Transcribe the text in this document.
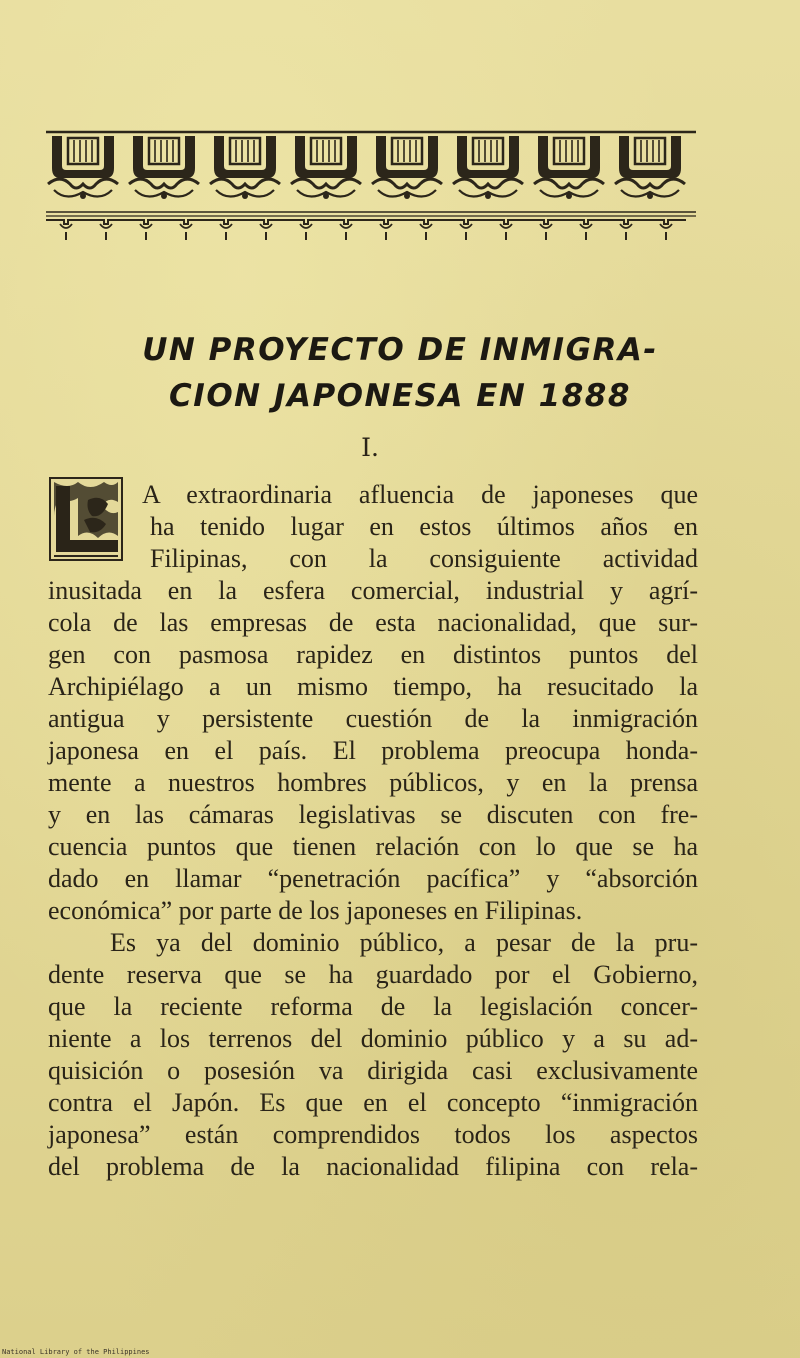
UN PROYECTO DE INMIGRA-
CION JAPONESA EN 1888
I.
A extraordinaria afluencia de japoneses que
ha tenido lugar en estos últimos años en
Filipinas, con la consiguiente actividad
inusitada en la esfera comercial, industrial y agrí-
cola de las empresas de esta nacionalidad, que sur-
gen con pasmosa rapidez en distintos puntos del
Archipiélago a un mismo tiempo, ha resucitado la
antigua y persistente cuestión de la inmigración
japonesa en el país. El problema preocupa honda-
mente a nuestros hombres públicos, y en la prensa
y en las cámaras legislativas se discuten con fre-
cuencia puntos que tienen relación con lo que se ha
dado en llamar “penetración pacífica” y “absorción
económica” por parte de los japoneses en Filipinas.
Es ya del dominio público, a pesar de la pru-
dente reserva que se ha guardado por el Gobierno,
que la reciente reforma de la legislación concer-
niente a los terrenos del dominio público y a su ad-
quisición o posesión va dirigida casi exclusivamente
contra el Japón. Es que en el concepto “inmigración
japonesa” están comprendidos todos los aspectos
del problema de la nacionalidad filipina con rela-
National Library of the Philippines
